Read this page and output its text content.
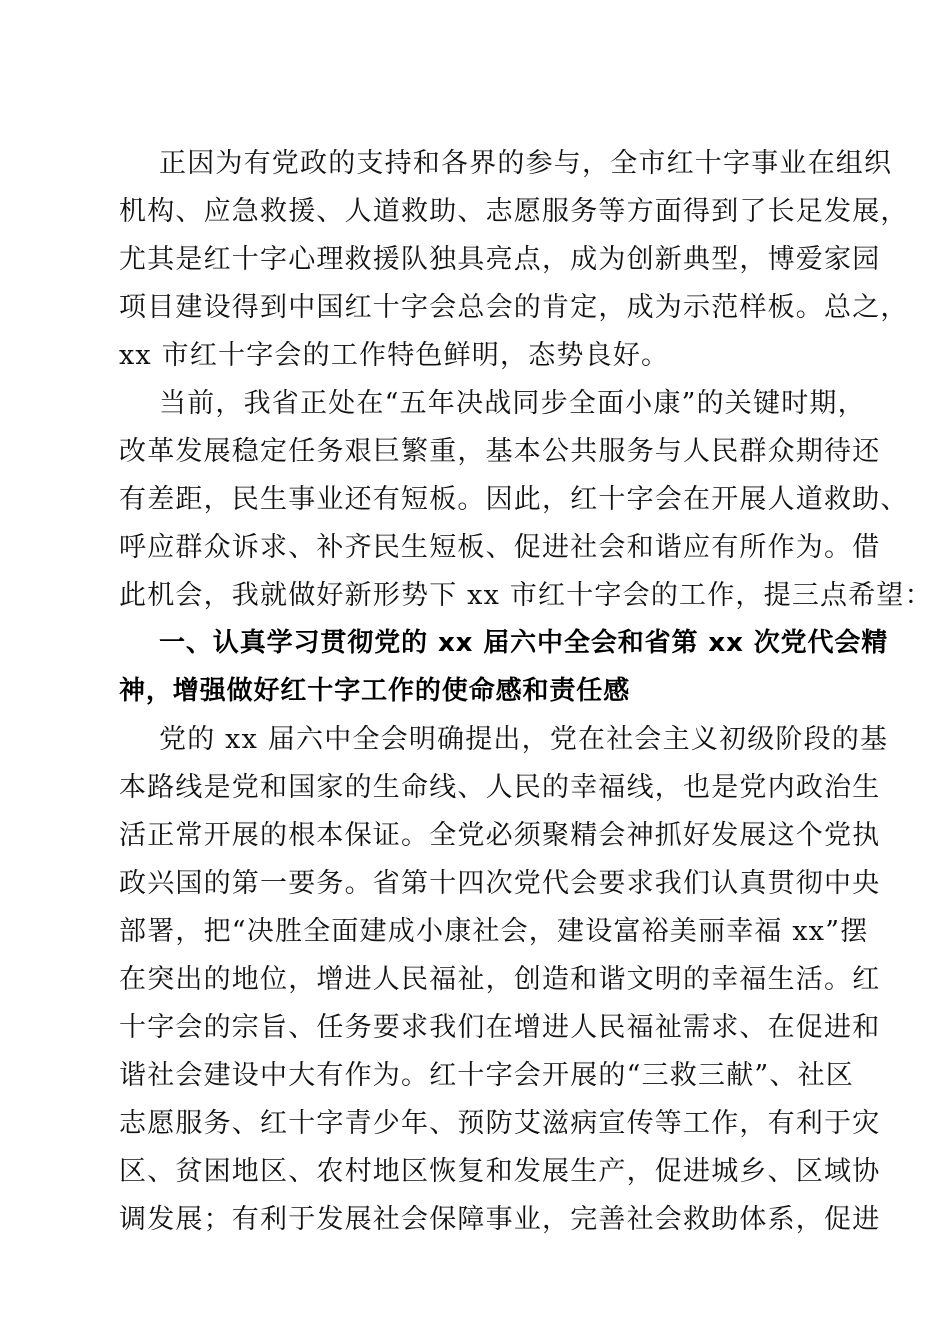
正因为有党政的支持和各界的参与，全市红十字事业在组织
机构、应急救援、人道救助、志愿服务等方面得到了长足发展，
尤其是红十字心理救援队独具亮点，成为创新典型，博爱家园
项目建设得到中国红十字会总会的肯定，成为示范样板。总之，
xx 市红十字会的工作特色鲜明，态势良好。
当前，我省正处在“五年决战同步全面小康”的关键时期，
改革发展稳定任务艰巨繁重，基本公共服务与人民群众期待还
有差距，民生事业还有短板。因此，红十字会在开展人道救助、
呼应群众诉求、补齐民生短板、促进社会和谐应有所作为。借
此机会，我就做好新形势下 xx 市红十字会的工作，提三点希望：
一、认真学习贯彻党的 xx 届六中全会和省第 xx 次党代会精
神，增强做好红十字工作的使命感和责任感
党的 xx 届六中全会明确提出，党在社会主义初级阶段的基
本路线是党和国家的生命线、人民的幸福线，也是党内政治生
活正常开展的根本保证。全党必须聚精会神抓好发展这个党执
政兴国的第一要务。省第十四次党代会要求我们认真贯彻中央
部署，把“决胜全面建成小康社会，建设富裕美丽幸福 xx”摆
在突出的地位，增进人民福祉，创造和谐文明的幸福生活。红
十字会的宗旨、任务要求我们在增进人民福祉需求、在促进和
谐社会建设中大有作为。红十字会开展的“三救三献”、社区
志愿服务、红十字青少年、预防艾滋病宣传等工作，有利于灾
区、贫困地区、农村地区恢复和发展生产，促进城乡、区域协
调发展；有利于发展社会保障事业，完善社会救助体系，促进
